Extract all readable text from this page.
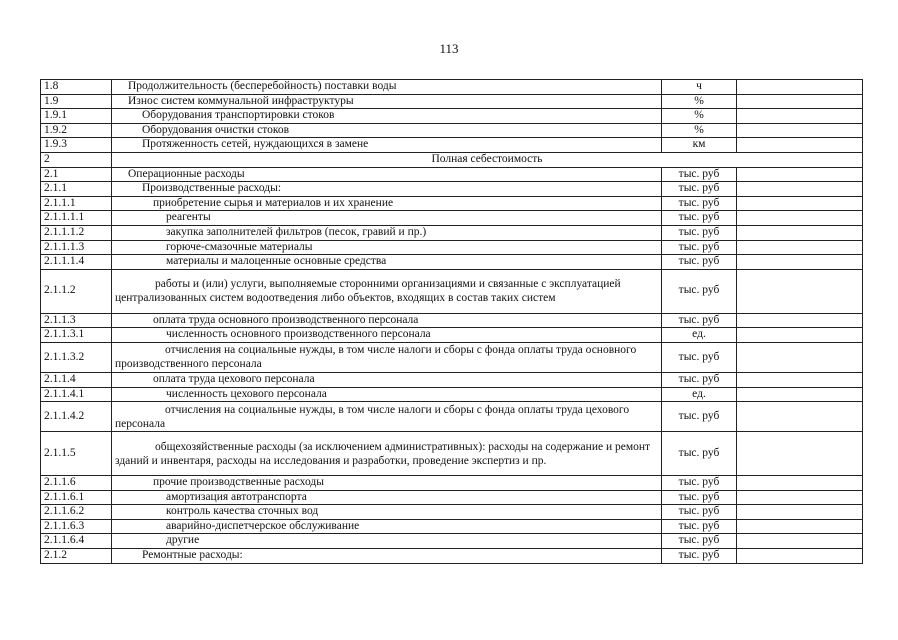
113
1.8	Продолжительность (бесперебойность) поставки воды	ч	
1.9	Износ систем коммунальной инфраструктуры	%	
1.9.1	Оборудования транспортировки стоков	%	
1.9.2	Оборудования очистки стоков	%	
1.9.3	Протяженность сетей, нуждающихся в замене	км	
2	Полная себестоимость		
2.1	Операционные расходы	тыс. руб	
2.1.1	Производственные расходы:	тыс. руб	
2.1.1.1	приобретение сырья и материалов и их хранение	тыс. руб	
2.1.1.1.1	реагенты	тыс. руб	
2.1.1.1.2	закупка заполнителей фильтров (песок, гравий и пр.)	тыс. руб	
2.1.1.1.3	горюче-смазочные материалы	тыс. руб	
2.1.1.1.4	материалы и малоценные основные средства	тыс. руб	
2.1.1.2	работы и (или) услуги, выполняемые сторонними организациями и связанные с эксплуатацией централизованных систем водоотведения либо объектов, входящих в состав таких систем	тыс. руб	
2.1.1.3	оплата труда основного производственного персонала	тыс. руб	
2.1.1.3.1	численность основного производственного персонала	ед.	
2.1.1.3.2	отчисления на социальные нужды, в том числе налоги и сборы с фонда оплаты труда основного производственного персонала	тыс. руб	
2.1.1.4	оплата труда цехового персонала	тыс. руб	
2.1.1.4.1	численность цехового персонала	ед.	
2.1.1.4.2	отчисления на социальные нужды, в том числе налоги и сборы с фонда оплаты труда цехового персонала	тыс. руб	
2.1.1.5	общехозяйственные расходы (за исключением административных): расходы на содержание и ремонт зданий и инвентаря, расходы на исследования и разработки, проведение экспертиз и пр.	тыс. руб	
2.1.1.6	прочие производственные расходы	тыс. руб	
2.1.1.6.1	амортизация автотранспорта	тыс. руб	
2.1.1.6.2	контроль качества сточных вод	тыс. руб	
2.1.1.6.3	аварийно-диспетчерское обслуживание	тыс. руб	
2.1.1.6.4	другие	тыс. руб	
2.1.2	Ремонтные расходы:	тыс. руб	
